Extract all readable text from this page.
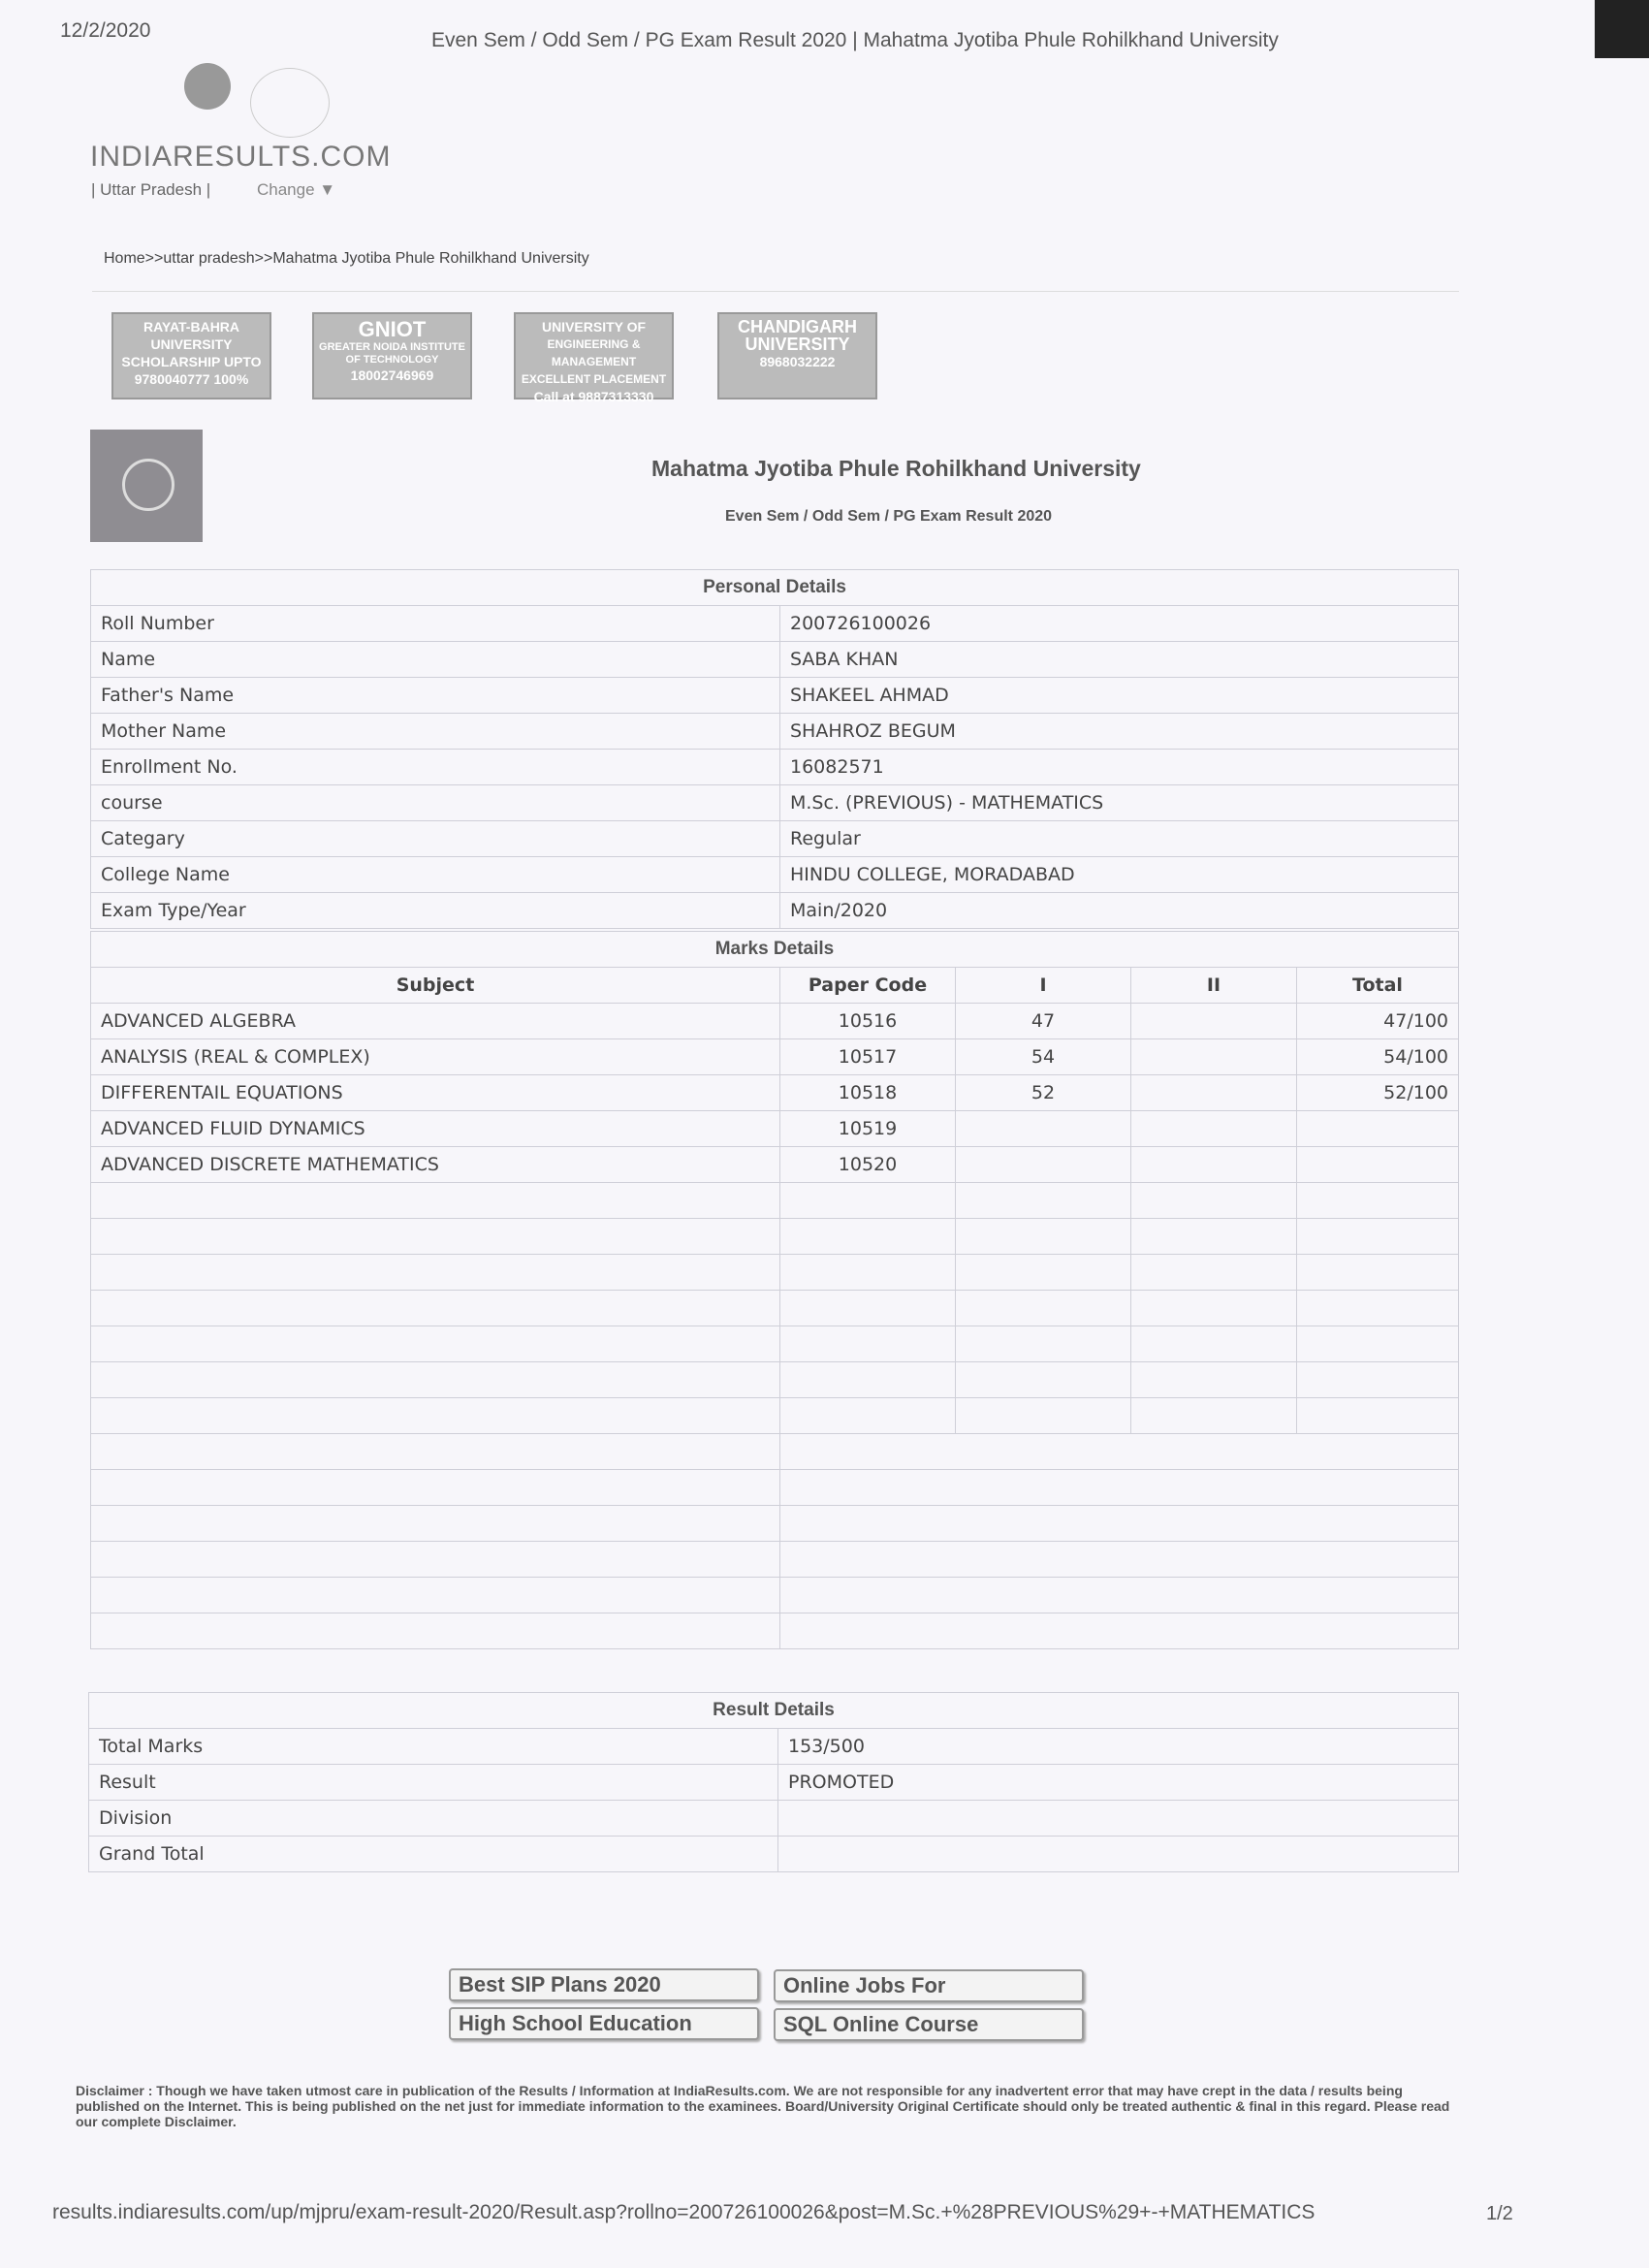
12/2/2020	Even Sem / Odd Sem / PG Exam Result 2020 | Mahatma Jyotiba Phule Rohilkhand University
INDIARESULTS.COM
| Uttar Pradesh |	Change ▼
Home>>uttar pradesh>>Mahatma Jyotiba Phule Rohilkhand University
RAYAT-BAHRA
UNIVERSITY
SCHOLARSHIP UPTO
9780040777 100%
GNIOT
GREATER NOIDA INSTITUTE OF TECHNOLOGY
18002746969
UNIVERSITY OF
ENGINEERING & MANAGEMENT
EXCELLENT PLACEMENT
Call at 9887313330
CHANDIGARH
UNIVERSITY
8968032222
Mahatma Jyotiba Phule Rohilkhand University
Even Sem / Odd Sem / PG Exam Result 2020
Personal Details	
Roll Number	200726100026
Name	SABA KHAN
Father's Name	SHAKEEL AHMAD
Mother Name	SHAHROZ BEGUM
Enrollment No.	16082571
course	M.Sc. (PREVIOUS) - MATHEMATICS
Categary	Regular
College Name	HINDU COLLEGE, MORADABAD
Exam Type/Year	Main/2020
Marks Details				
Subject	Paper Code	I	II	Total
ADVANCED ALGEBRA	10516	47		47/100
ANALYSIS (REAL & COMPLEX)	10517	54		54/100
DIFFERENTAIL EQUATIONS	10518	52		52/100
ADVANCED FLUID DYNAMICS	10519			
ADVANCED DISCRETE MATHEMATICS	10520			

Result Details	
Total Marks	153/500
Result	PROMOTED
Division	
Grand Total	
Best SIP Plans 2020	Online Jobs For
High School Education	SQL Online Course
Disclaimer : Though we have taken utmost care in publication of the Results / Information at IndiaResults.com. We are not responsible for any inadvertent error that may have crept in the data / results being published on the Internet. This is being published on the net just for immediate information to the examinees. Board/University Original Certificate should only be treated authentic & final in this regard. Please read our complete Disclaimer.
results.indiaresults.com/up/mjpru/exam-result-2020/Result.asp?rollno=200726100026&post=M.Sc.+%28PREVIOUS%29+-+MATHEMATICS	1/2
